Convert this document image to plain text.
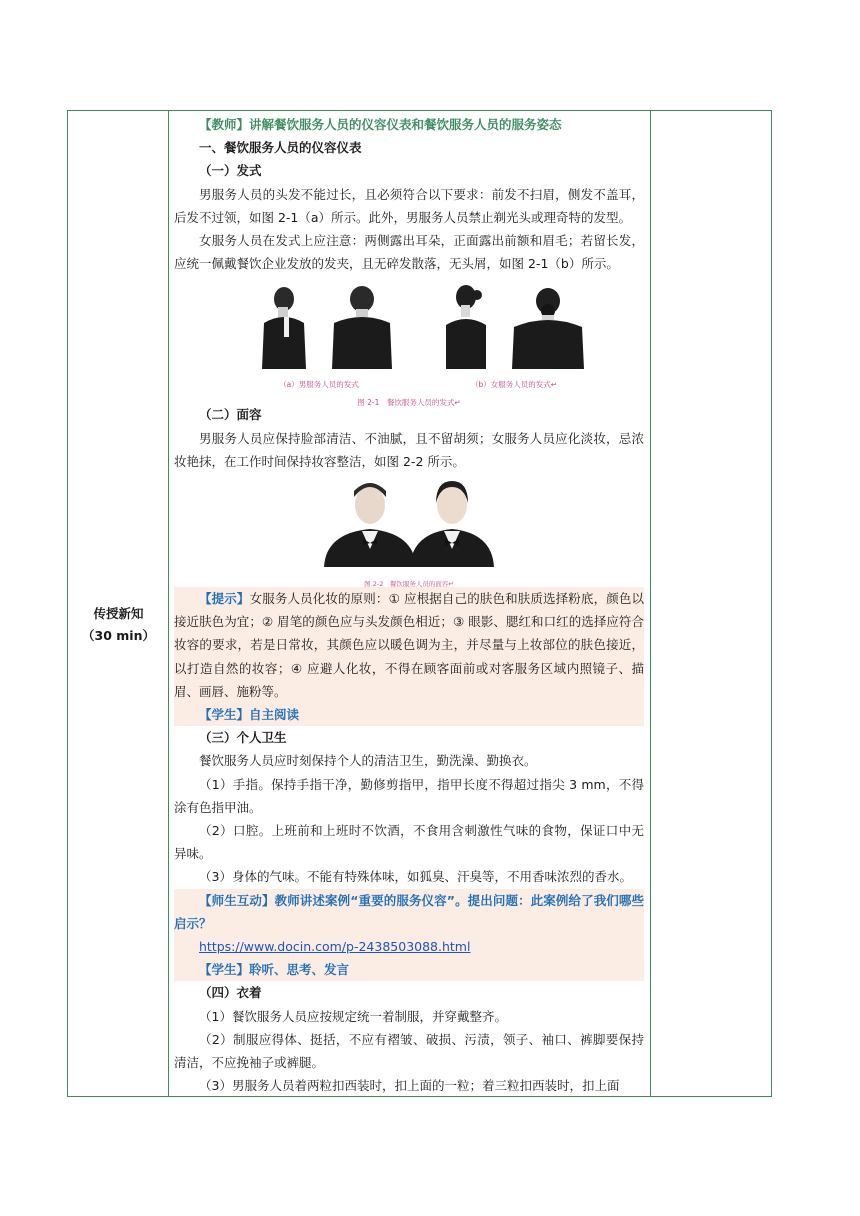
传授新知
（30 min）

【教师】讲解餐饮服务人员的仪容仪表和餐饮服务人员的服务姿态

一、餐饮服务人员的仪容仪表

（一）发式

男服务人员的头发不能过长，且必须符合以下要求：前发不扫眉，侧发不盖耳，后发不过领，如图 2-1（a）所示。此外，男服务人员禁止剃光头或理奇特的发型。

女服务人员在发式上应注意：两侧露出耳朵，正面露出前额和眉毛；若留长发，应统一佩戴餐饮企业发放的发夹，且无碎发散落，无头屑，如图 2-1（b）所示。

（a）男服务人员的发式	（b）女服务人员的发式↵
图 2-1　餐饮服务人员的发式↵

（二）面容

男服务人员应保持脸部清洁、不油腻，且不留胡须；女服务人员应化淡妆，忌浓妆艳抹，在工作时间保持妆容整洁，如图 2-2 所示。

图 2-2　餐饮服务人员的面容↵

【提示】女服务人员化妆的原则：① 应根据自己的肤色和肤质选择粉底，颜色以接近肤色为宜；② 眉笔的颜色应与头发颜色相近；③ 眼影、腮红和口红的选择应符合妆容的要求，若是日常妆，其颜色应以暖色调为主，并尽量与上妆部位的肤色接近，以打造自然的妆容；④ 应避人化妆，不得在顾客面前或对客服务区域内照镜子、描眉、画唇、施粉等。

【学生】自主阅读

（三）个人卫生

餐饮服务人员应时刻保持个人的清洁卫生，勤洗澡、勤换衣。

（1）手指。保持手指干净，勤修剪指甲，指甲长度不得超过指尖 3 mm，不得涂有色指甲油。

（2）口腔。上班前和上班时不饮酒，不食用含刺激性气味的食物，保证口中无异味。

（3）身体的气味。不能有特殊体味，如狐臭、汗臭等，不用香味浓烈的香水。

【师生互动】教师讲述案例“重要的服务仪容”。提出问题：此案例给了我们哪些启示？

https://www.docin.com/p-2438503088.html

【学生】聆听、思考、发言

（四）衣着

（1）餐饮服务人员应按规定统一着制服，并穿戴整齐。

（2）制服应得体、挺括，不应有褶皱、破损、污渍，领子、袖口、裤脚要保持清洁，不应挽袖子或裤腿。

（3）男服务人员着两粒扣西装时，扣上面的一粒；着三粒扣西装时，扣上面
